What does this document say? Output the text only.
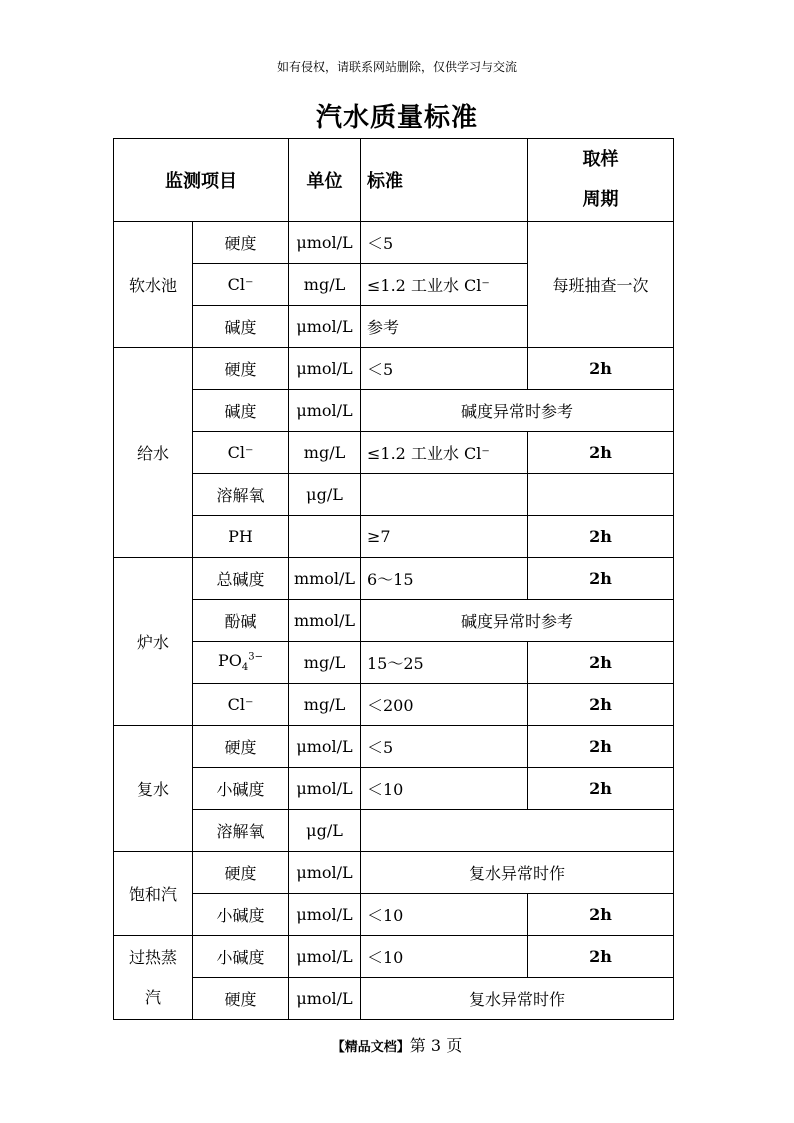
如有侵权，请联系网站删除，仅供学习与交流
汽水质量标准
监测项目		单位	标准	取样
周期

软水池	硬度	μmol/L	＜5	每班抽查一次
	Cl⁻	mg/L	≤1.2 工业水 Cl⁻	
	碱度	μmol/L	参考	
给水	硬度	μmol/L	＜5	2h
	碱度	μmol/L	碱度异常时参考	
	Cl⁻	mg/L	≤1.2 工业水 Cl⁻	2h
	溶解氧	μg/L		
	PH		≥7	2h
炉水	总碱度	mmol/L	6～15	2h
	酚碱	mmol/L	碱度异常时参考	
	$PO_4^{3-}$	mg/L	15～25	2h
	Cl⁻	mg/L	＜200	2h
复水	硬度	μmol/L	＜5	2h
	小碱度	μmol/L	＜10	2h
	溶解氧	μg/L		
饱和汽	硬度	μmol/L	复水异常时作	
	小碱度	μmol/L	＜10	2h

过热蒸
汽	小碱度	μmol/L	＜10	2h
	硬度	μmol/L	复水异常时作	
【精品文档】第 3 页
